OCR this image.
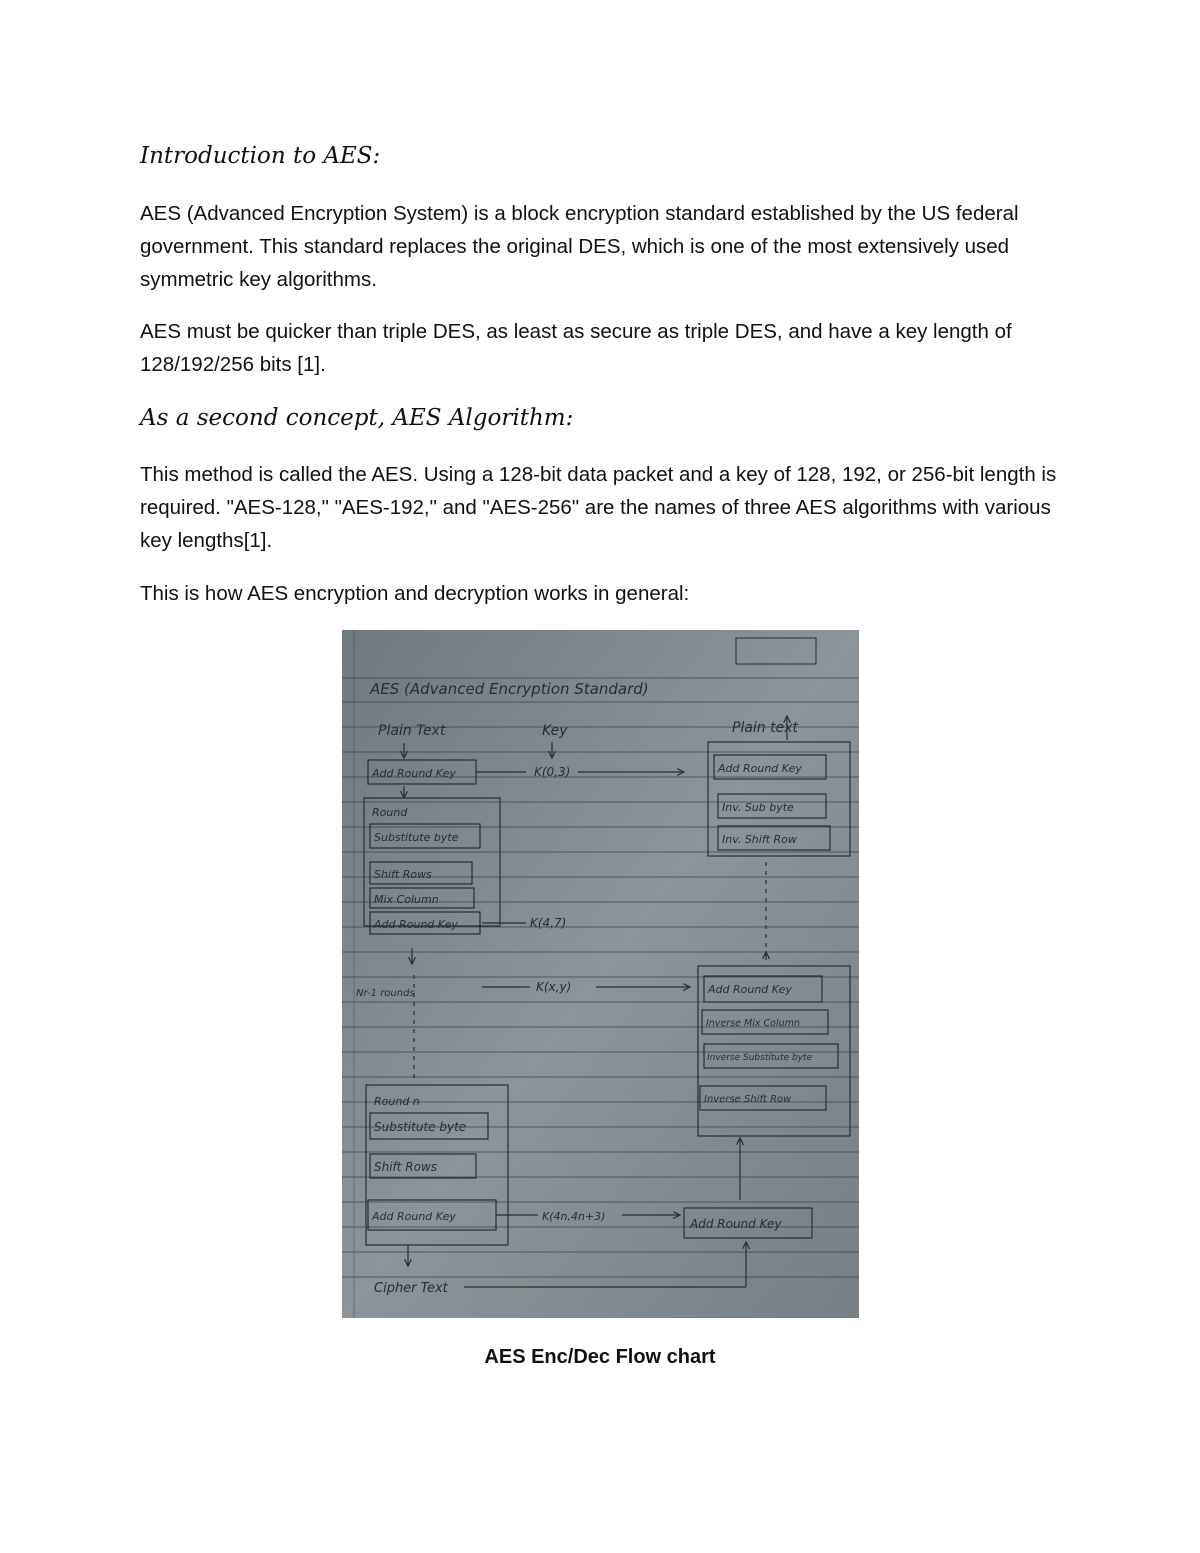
Introduction to AES:

AES (Advanced Encryption System) is a block encryption standard established by the US federal government. This standard replaces the original DES, which is one of the most extensively used symmetric key algorithms.

AES must be quicker than triple DES, as least as secure as triple DES, and have a key length of 128/192/256 bits [1].

As a second concept, AES Algorithm:

This method is called the AES. Using a 128-bit data packet and a key of 128, 192, or 256-bit length is required. "AES-128," "AES-192," and "AES-256" are the names of three AES algorithms with various key lengths[1].

This is how AES encryption and decryption works in general:

AES (Advanced Encryption Standard)
Plain Text	Key	Plain text
Add Round Key	K(0,3)	Add Round Key
Round
Substitute byte
Inv. Sub byte
Inv. Shift Row
Shift Rows
Mix Column
Add Round Key	K(4,7)
Nr-1 rounds	K(x,y)	Add Round Key
Inverse Mix Column
Inverse Substitute byte
Inverse Shift Row
Round n
Substitute byte
Shift Rows
Add Round Key	K(4n,4n+3)
Add Round Key
Cipher Text

AES Enc/Dec Flow chart
